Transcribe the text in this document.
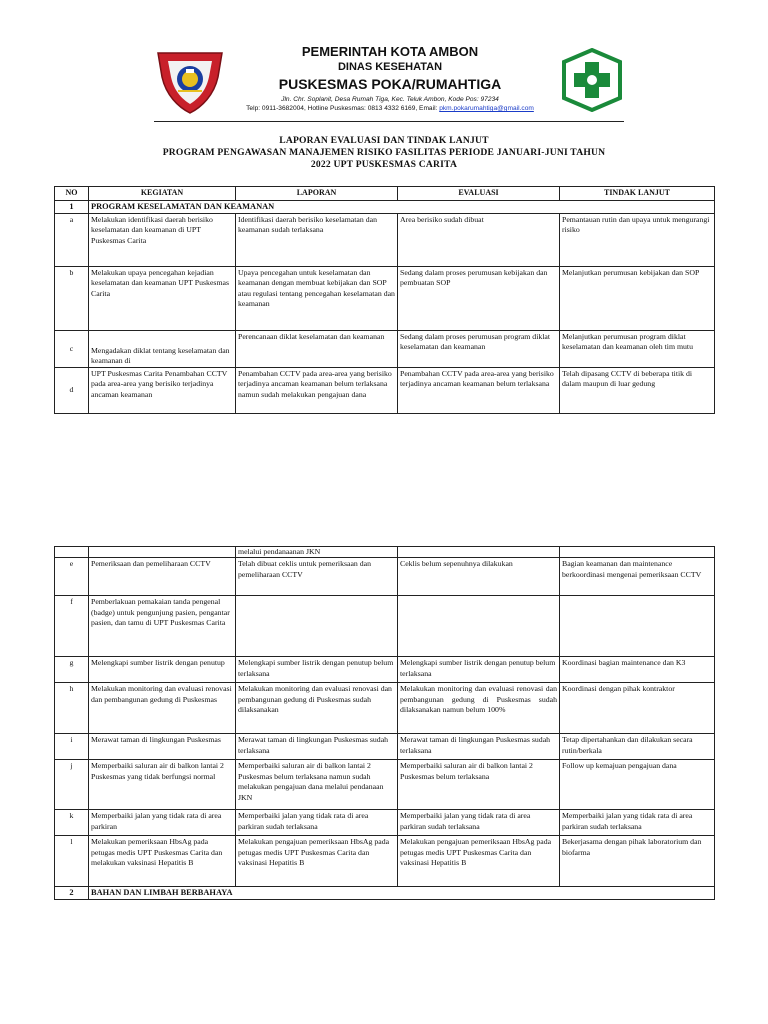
PEMERINTAH KOTA AMBON
DINAS KESEHATAN
PUSKESMAS POKA/RUMAHTIGA
Jln. Chr. Soplanit, Desa Rumah Tiga, Kec. Teluk Ambon, Kode Pos: 97234
Telp: 0911-3682004, Hotline Puskesmas: 0813 4332 6169, Email: pkm.pokarumahtiga@gmail.com
LAPORAN EVALUASI DAN TINDAK LANJUT
PROGRAM PENGAWASAN MANAJEMEN RISIKO FASILITAS PERIODE JANUARI-JUNI TAHUN
2022 UPT PUSKESMAS CARITA
NO	KEGIATAN	LAPORAN	EVALUASI	TINDAK LANJUT
1	PROGRAM KESELAMATAN DAN KEAMANAN			
a	Melakukan identifikasi daerah berisiko keselamatan dan keamanan di UPT Puskesmas Carita	Identifikasi daerah berisiko keselamatan dan keamanan sudah terlaksana	Area berisiko sudah dibuat	Pemantauan rutin dan upaya untuk mengurangi risiko
b	Melakukan upaya pencegahan kejadian keselamatan dan keamanan UPT Puskesmas Carita	Upaya pencegahan untuk keselamatan dan keamanan dengan membuat kebijakan dan SOP atau regulasi tentang pencegahan keselamatan dan keamanan	Sedang dalam proses perumusan kebijakan dan pembuatan SOP	Melanjutkan perumusan kebijakan dan SOP
c	Mengadakan diklat tentang keselamatan dan keamanan di	Perencanaan diklat keselamatan dan keamanan	Sedang dalam proses perumusan program diklat keselamatan dan keamanan	Melanjutkan perumusan program diklat keselamatan dan keamanan oleh tim mutu
d	UPT Puskesmas Carita Penambahan CCTV pada area-area yang berisiko terjadinya ancaman keamanan	Penambahan CCTV pada area-area yang berisiko terjadinya ancaman keamanan belum terlaksana namun sudah melakukan pengajuan dana	Penambahan CCTV pada area-area yang berisiko terjadinya ancaman keamanan belum terlaksana	Telah dipasang CCTV di beberapa titik di dalam maupun di luar gedung
		melalui pendanaanan JKN		
e	Pemeriksaan dan pemeliharaan CCTV	Telah dibuat ceklis untuk pemeriksaan dan pemeliharaan CCTV	Ceklis belum sepenuhnya dilakukan	Bagian keamanan dan maintenance berkoordinasi mengenai pemeriksaan CCTV
f	Pemberlakuan pemakaian tanda pengenal (badge) untuk pengunjung pasien, pengantar pasien, dan tamu di UPT Puskesmas Carita			
g	Melengkapi sumber listrik dengan penutup	Melengkapi sumber listrik dengan penutup belum terlaksana	Melengkapi sumber listrik dengan penutup belum terlaksana	Koordinasi bagian maintenance dan K3
h	Melakukan monitoring dan evaluasi renovasi dan pembangunan gedung di Puskesmas	Melakukan monitoring dan evaluasi renovasi dan pembangunan gedung di Puskesmas sudah dilaksanakan	Melakukan monitoring dan evaluasi renovasi dan pembangunan gedung di Puskesmas sudah dilaksanakan namun belum 100%	Koordinasi dengan pihak kontraktor
i	Merawat taman di lingkungan Puskesmas	Merawat taman di lingkungan Puskesmas sudah terlaksana	Merawat taman di lingkungan Puskesmas sudah terlaksana	Tetap dipertahankan dan dilakukan secara rutin/berkala
j	Memperbaiki saluran air di balkon lantai 2 Puskesmas yang tidak berfungsi normal	Memperbaiki saluran air di balkon lantai 2 Puskesmas belum terlaksana namun sudah melakukan pengajuan dana melalui pendanaan JKN	Memperbaiki saluran air di balkon lantai 2 Puskesmas belum terlaksana	Follow up kemajuan pengajuan dana
k	Memperbaiki jalan yang tidak rata di area parkiran	Memperbaiki jalan yang tidak rata di area parkiran sudah terlaksana	Memperbaiki jalan yang tidak rata di area parkiran sudah terlaksana	Memperbaiki jalan yang tidak rata di area parkiran sudah terlaksana
l	Melakukan pemeriksaan HbsAg pada petugas medis UPT Puskesmas Carita dan melakukan vaksinasi Hepatitis B	Melakukan pengajuan pemeriksaan HbsAg pada petugas medis UPT Puskesmas Carita dan vaksinasi Hepatitis B	Melakukan pengajuan pemeriksaan HbsAg pada petugas medis UPT Puskesmas Carita dan vaksinasi Hepatitis B	Bekerjasama dengan pihak laboratorium dan biofarma
2	BAHAN DAN LIMBAH BERBAHAYA			
